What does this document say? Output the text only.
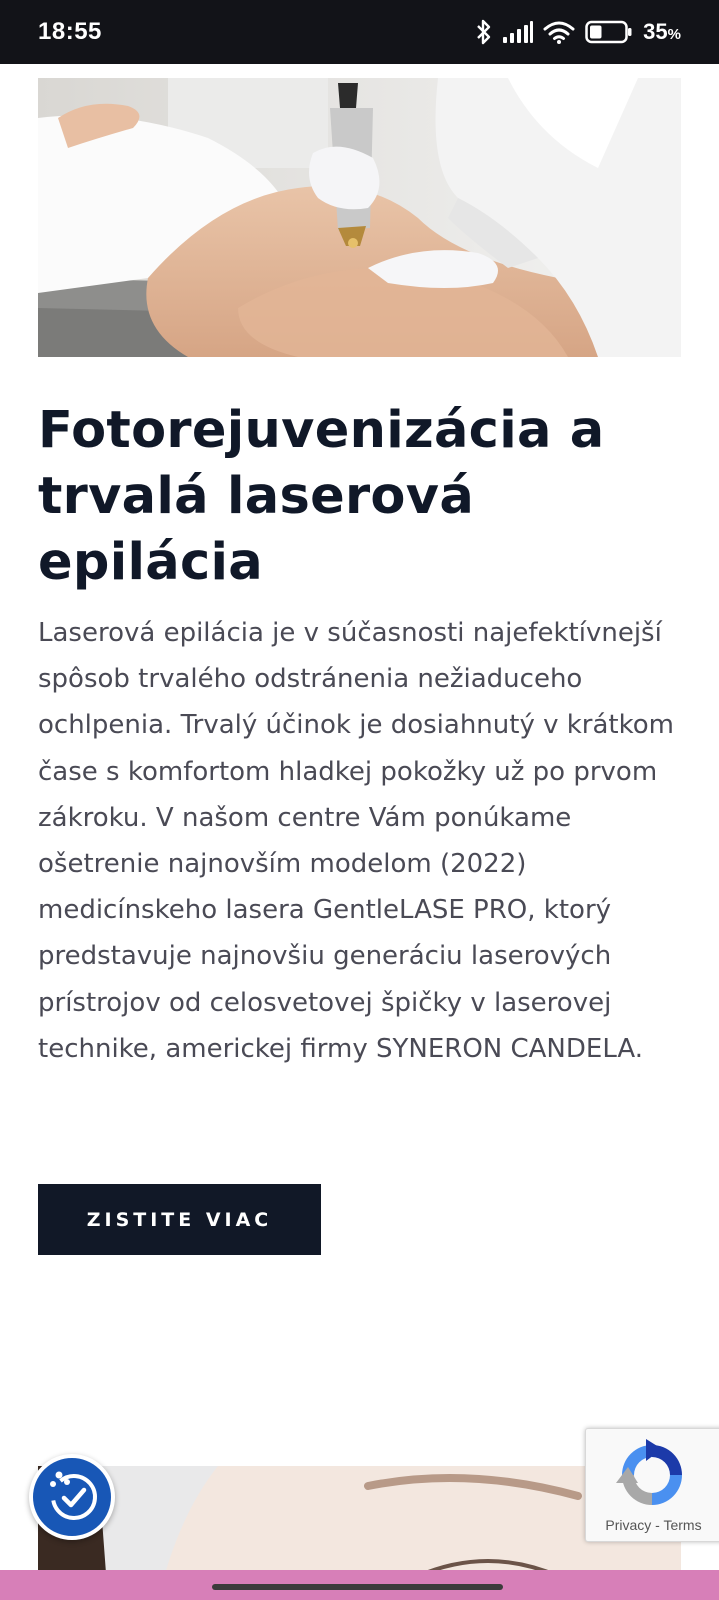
18:55	35%
Fotorejuvenizácia a trvalá laserová epilácia

Laserová epilácia je v súčasnosti najefektívnejší spôsob trvalého odstránenia nežiaduceho ochlpenia. Trvalý účinok je dosiahnutý v krátkom čase s komfortom hladkej pokožky už po prvom zákroku. V našom centre Vám ponúkame ošetrenie najnovším modelom (2022) medicínskeho lasera GentleLASE PRO, ktorý predstavuje najnovšiu generáciu laserových prístrojov od celosvetovej špičky v laserovej technike, americkej firmy SYNERON CANDELA.

ZISTITE VIAC
Privacy - Terms
